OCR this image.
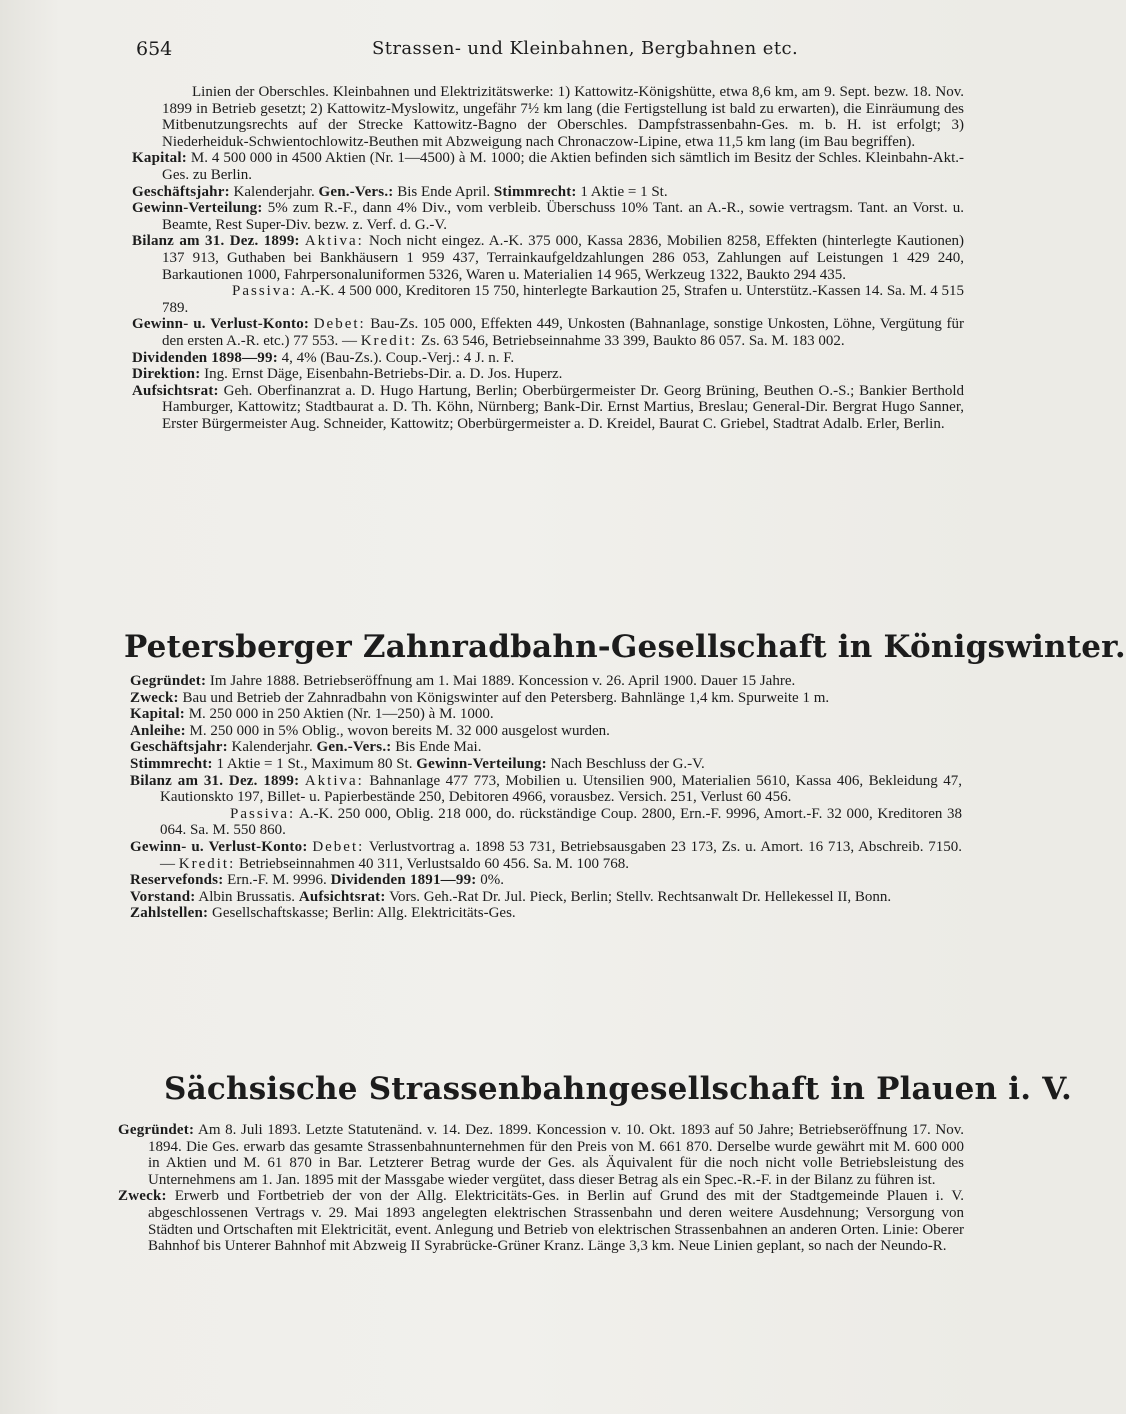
654	Strassen- und Kleinbahnen, Bergbahnen etc.

Linien der Oberschles. Kleinbahnen und Elektrizitätswerke: 1) Kattowitz-Königshütte, etwa 8,6 km, am 9. Sept. bezw. 18. Nov. 1899 in Betrieb gesetzt; 2) Kattowitz-Myslowitz, ungefähr 7½ km lang (die Fertigstellung ist bald zu erwarten), die Einräumung des Mitbenutzungsrechts auf der Strecke Kattowitz-Bagno der Oberschles. Dampfstrassenbahn-Ges. m. b. H. ist erfolgt; 3) Niederheiduk-Schwientochlowitz-Beuthen mit Abzweigung nach Chronaczow-Lipine, etwa 11,5 km lang (im Bau begriffen).

Kapital: M. 4 500 000 in 4500 Aktien (Nr. 1—4500) à M. 1000; die Aktien befinden sich sämtlich im Besitz der Schles. Kleinbahn-Akt.-Ges. zu Berlin.

Geschäftsjahr: Kalenderjahr. Gen.-Vers.: Bis Ende April. Stimmrecht: 1 Aktie = 1 St.

Gewinn-Verteilung: 5% zum R.-F., dann 4% Div., vom verbleib. Überschuss 10% Tant. an A.-R., sowie vertragsm. Tant. an Vorst. u. Beamte, Rest Super-Div. bezw. z. Verf. d. G.-V.

Bilanz am 31. Dez. 1899: Aktiva: Noch nicht eingez. A.-K. 375 000, Kassa 2836, Mobilien 8258, Effekten (hinterlegte Kautionen) 137 913, Guthaben bei Bankhäusern 1 959 437, Terrainkaufgeldzahlungen 286 053, Zahlungen auf Leistungen 1 429 240, Barkautionen 1000, Fahrpersonaluniformen 5326, Waren u. Materialien 14 965, Werkzeug 1322, Baukto 294 435.

Passiva: A.-K. 4 500 000, Kreditoren 15 750, hinterlegte Barkaution 25, Strafen u. Unterstütz.-Kassen 14. Sa. M. 4 515 789.

Gewinn- u. Verlust-Konto: Debet: Bau-Zs. 105 000, Effekten 449, Unkosten (Bahnanlage, sonstige Unkosten, Löhne, Vergütung für den ersten A.-R. etc.) 77 553. — Kredit: Zs. 63 546, Betriebseinnahme 33 399, Baukto 86 057. Sa. M. 183 002.

Dividenden 1898—99: 4, 4% (Bau-Zs.). Coup.-Verj.: 4 J. n. F.

Direktion: Ing. Ernst Däge, Eisenbahn-Betriebs-Dir. a. D. Jos. Huperz.

Aufsichtsrat: Geh. Oberfinanzrat a. D. Hugo Hartung, Berlin; Oberbürgermeister Dr. Georg Brüning, Beuthen O.-S.; Bankier Berthold Hamburger, Kattowitz; Stadtbaurat a. D. Th. Köhn, Nürnberg; Bank-Dir. Ernst Martius, Breslau; General-Dir. Bergrat Hugo Sanner, Erster Bürgermeister Aug. Schneider, Kattowitz; Oberbürgermeister a. D. Kreidel, Baurat C. Griebel, Stadtrat Adalb. Erler, Berlin.

Petersberger Zahnradbahn-Gesellschaft in Königswinter.

Gegründet: Im Jahre 1888. Betriebseröffnung am 1. Mai 1889. Koncession v. 26. April 1900. Dauer 15 Jahre.

Zweck: Bau und Betrieb der Zahnradbahn von Königswinter auf den Petersberg. Bahnlänge 1,4 km. Spurweite 1 m.

Kapital: M. 250 000 in 250 Aktien (Nr. 1—250) à M. 1000.

Anleihe: M. 250 000 in 5% Oblig., wovon bereits M. 32 000 ausgelost wurden.

Geschäftsjahr: Kalenderjahr. Gen.-Vers.: Bis Ende Mai.

Stimmrecht: 1 Aktie = 1 St., Maximum 80 St. Gewinn-Verteilung: Nach Beschluss der G.-V.

Bilanz am 31. Dez. 1899: Aktiva: Bahnanlage 477 773, Mobilien u. Utensilien 900, Materialien 5610, Kassa 406, Bekleidung 47, Kautionskto 197, Billet- u. Papierbestände 250, Debitoren 4966, vorausbez. Versich. 251, Verlust 60 456.

Passiva: A.-K. 250 000, Oblig. 218 000, do. rückständige Coup. 2800, Ern.-F. 9996, Amort.-F. 32 000, Kreditoren 38 064. Sa. M. 550 860.

Gewinn- u. Verlust-Konto: Debet: Verlustvortrag a. 1898 53 731, Betriebsausgaben 23 173, Zs. u. Amort. 16 713, Abschreib. 7150. — Kredit: Betriebseinnahmen 40 311, Verlustsaldo 60 456. Sa. M. 100 768.

Reservefonds: Ern.-F. M. 9996. Dividenden 1891—99: 0%.

Vorstand: Albin Brussatis. Aufsichtsrat: Vors. Geh.-Rat Dr. Jul. Pieck, Berlin; Stellv. Rechtsanwalt Dr. Hellekessel II, Bonn.

Zahlstellen: Gesellschaftskasse; Berlin: Allg. Elektricitäts-Ges.

Sächsische Strassenbahngesellschaft in Plauen i. V.

Gegründet: Am 8. Juli 1893. Letzte Statutenänd. v. 14. Dez. 1899. Koncession v. 10. Okt. 1893 auf 50 Jahre; Betriebseröffnung 17. Nov. 1894. Die Ges. erwarb das gesamte Strassenbahnunternehmen für den Preis von M. 661 870. Derselbe wurde gewährt mit M. 600 000 in Aktien und M. 61 870 in Bar. Letzterer Betrag wurde der Ges. als Äquivalent für die noch nicht volle Betriebsleistung des Unternehmens am 1. Jan. 1895 mit der Massgabe wieder vergütet, dass dieser Betrag als ein Spec.-R.-F. in der Bilanz zu führen ist.

Zweck: Erwerb und Fortbetrieb der von der Allg. Elektricitäts-Ges. in Berlin auf Grund des mit der Stadtgemeinde Plauen i. V. abgeschlossenen Vertrags v. 29. Mai 1893 angelegten elektrischen Strassenbahn und deren weitere Ausdehnung; Versorgung von Städten und Ortschaften mit Elektricität, event. Anlegung und Betrieb von elektrischen Strassenbahnen an anderen Orten. Linie: Oberer Bahnhof bis Unterer Bahnhof mit Abzweig II Syrabrücke-Grüner Kranz. Länge 3,3 km. Neue Linien geplant, so nach der Neundo-R.
